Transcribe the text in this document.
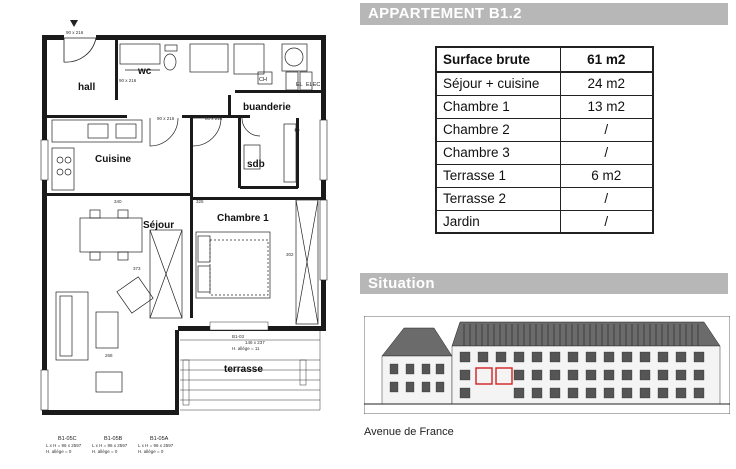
90 x 216
90 x 216
90 x 216	80 x 216
B1-03
146 x 237
H. allège = 11
340	325
302
373
268
hall
wc
buanderie
Cuisine	sdb
Séjour
Chambre 1
terrasse
CH
EL ELEC
B1-05C
L x H = 96 x 2597
H. allège = 0
B1-05B
L x H = 96 x 2597
H. allège = 0
B1-05A
L x H = 96 x 2597
H. allège = 0
APPARTEMENT B1.2
Surface brute	61 m2
Séjour + cuisine	24 m2
Chambre 1	13 m2
Chambre 2	/
Chambre 3	/
Terrasse 1	6 m2
Terrasse 2	/
Jardin	/
Situation
Avenue de France
